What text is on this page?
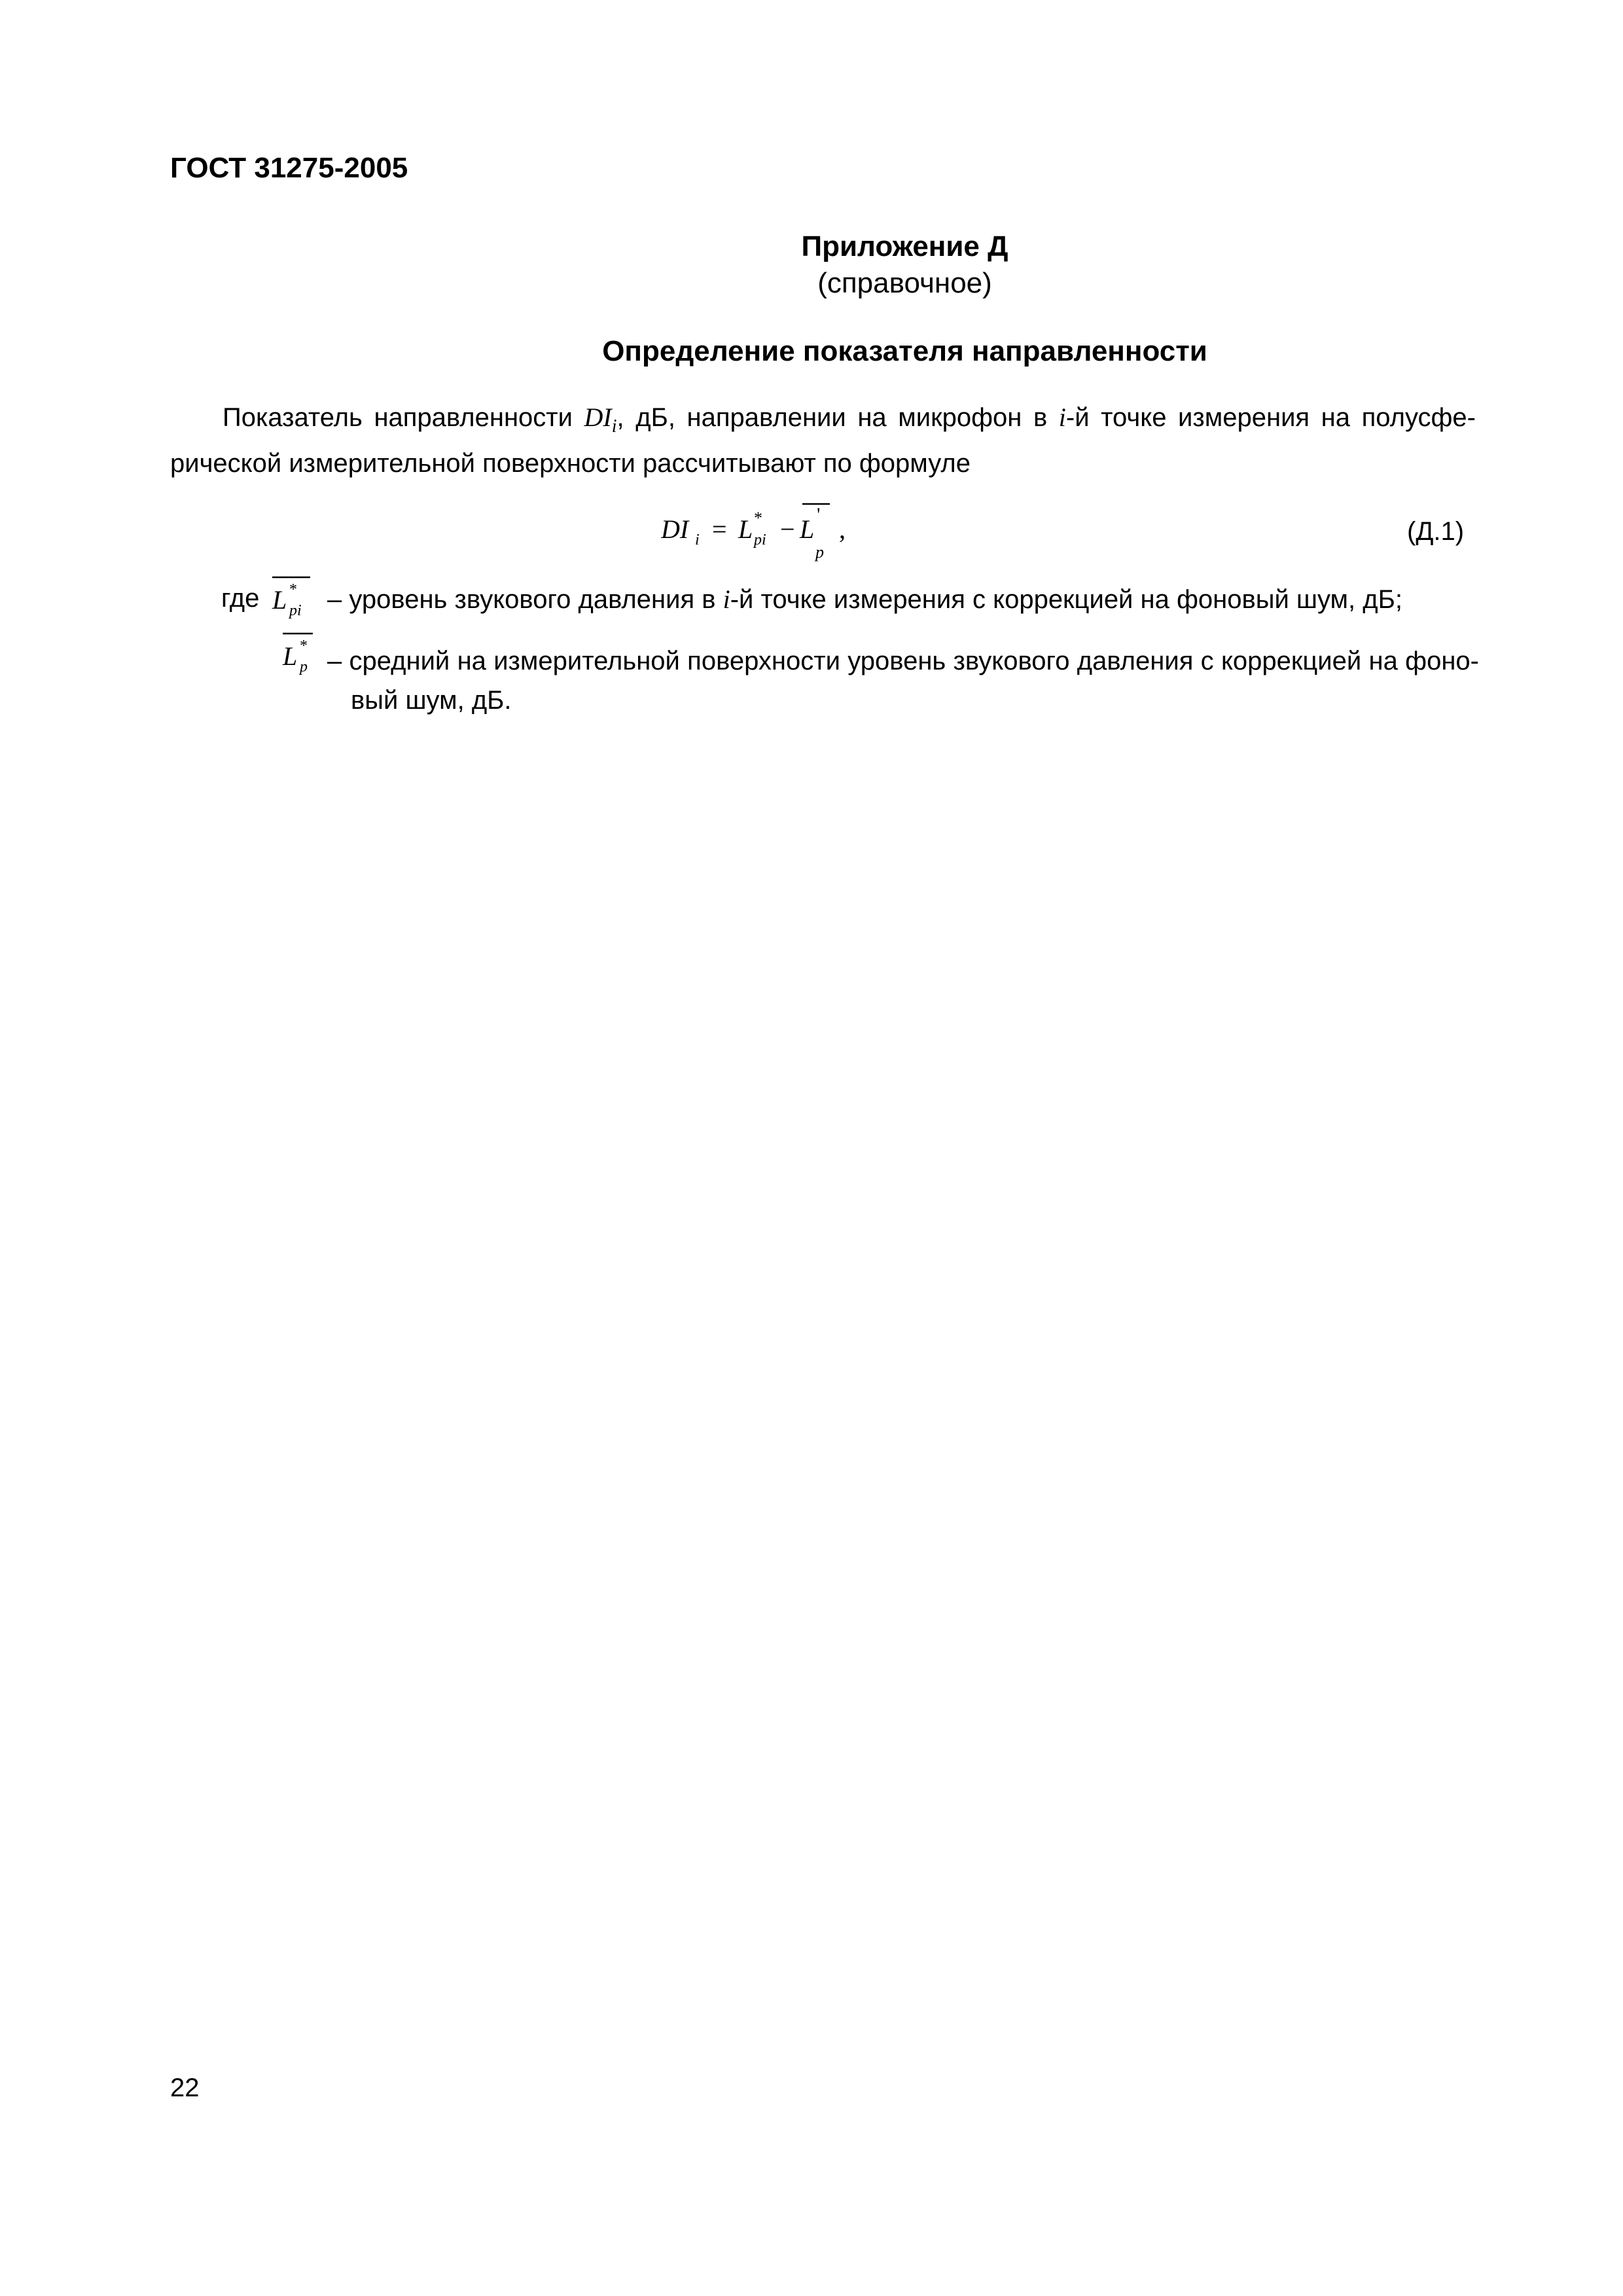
ГОСТ 31275-2005

Приложение Д

(справочное)

Определение показателя направленности

Показатель направленности $DI_i$, дБ, направлении на микрофон в i-й точке измерения на полусфе-
рической измерительной поверхности рассчитывают по формуле
DI i = L *
pi − L '
p
,	(Д.1)
где L *
pi – уровень звукового давления в i-й точке измерения с коррекцией на фоновый шум, дБ;
L *
p – средний на измерительной поверхности уровень звукового давления с коррекцией на фоно-
вый шум, дБ.
22
